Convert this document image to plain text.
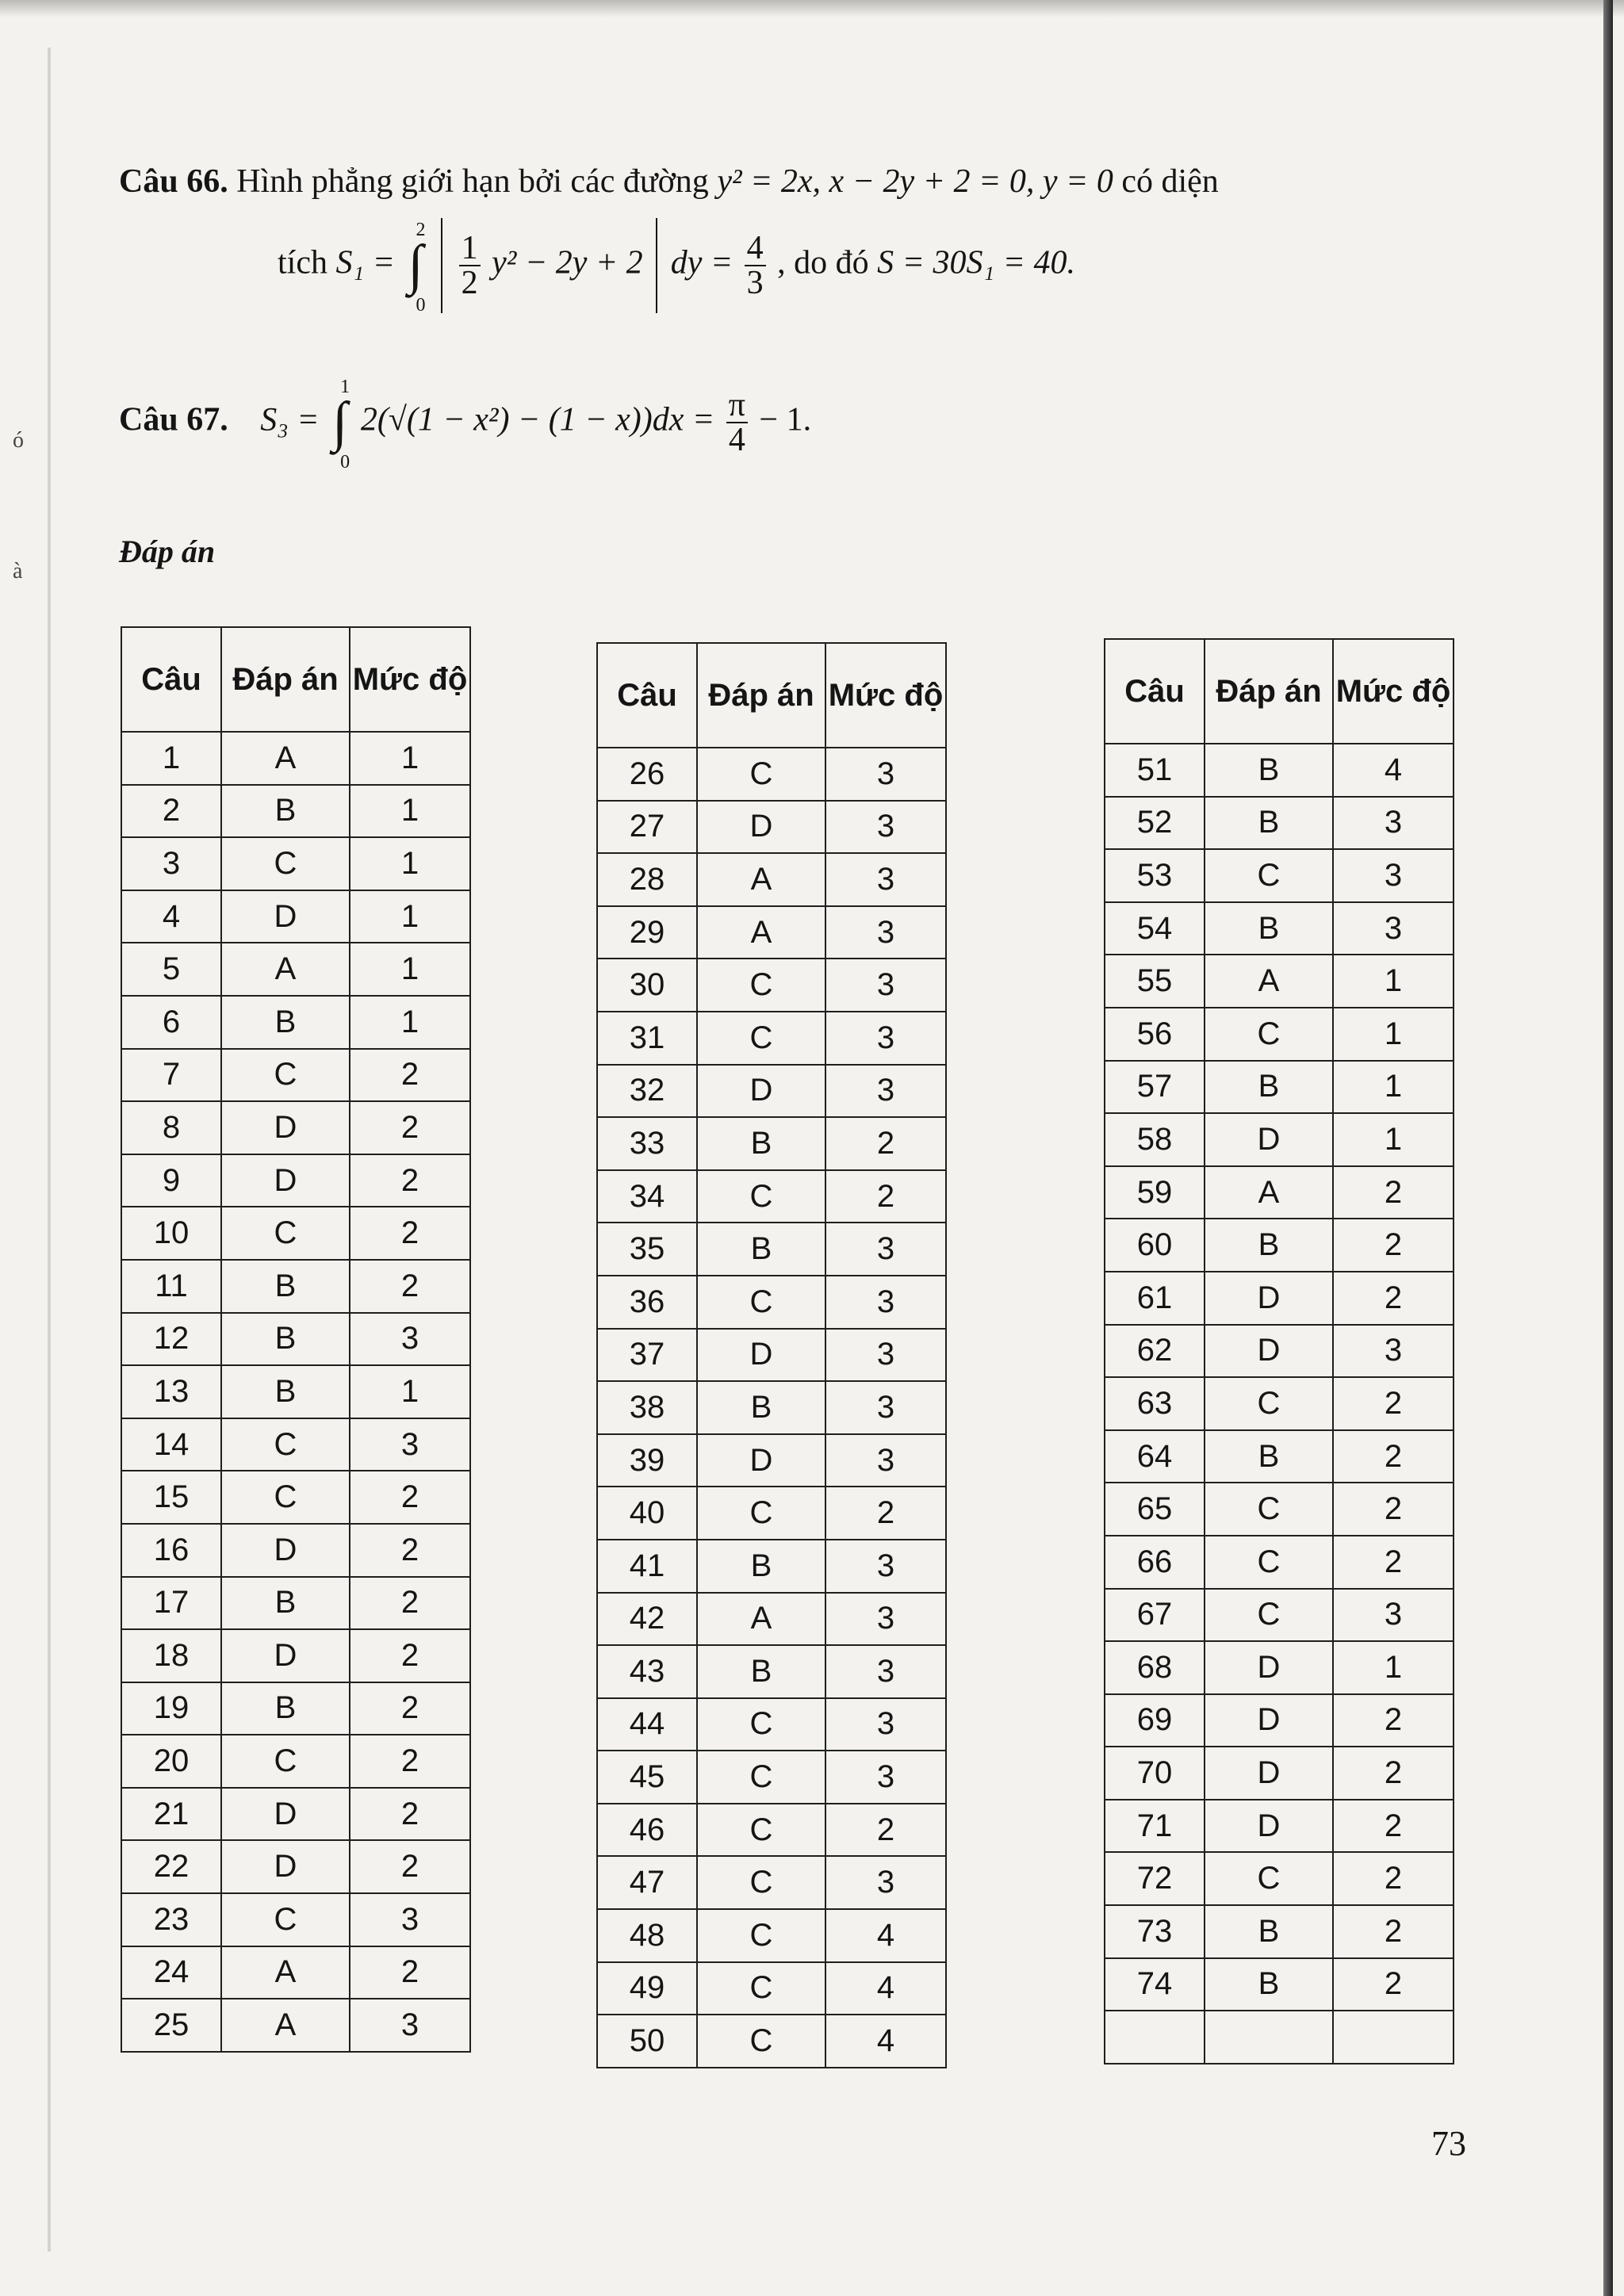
ó
à
Câu 66. Hình phẳng giới hạn bởi các đường y² = 2x, x − 2y + 2 = 0, y = 0 có diện
tích S₁ = ∫
2
0

$\frac{1}{2} y^2 - 2y + 2$ dy = $\frac{4}{3}$ , do đó S = 30S₁ = 40.
Câu 67. S₃ = ∫
1
0
$2(√(1 - x^2) - (1 - x))dx = \frac{\pi}{4} - 1$.
Đáp án
Câu	Đáp án	Mức độ
1	A	1
2	B	1
3	C	1
4	D	1
5	A	1
6	B	1
7	C	2
8	D	2
9	D	2
10	C	2
11	B	2
12	B	3
13	B	1
14	C	3
15	C	2
16	D	2
17	B	2
18	D	2
19	B	2
20	C	2
21	D	2
22	D	2
23	C	3
24	A	2
25	A	3
Câu	Đáp án	Mức độ
26	C	3
27	D	3
28	A	3
29	A	3
30	C	3
31	C	3
32	D	3
33	B	2
34	C	2
35	B	3
36	C	3
37	D	3
38	B	3
39	D	3
40	C	2
41	B	3
42	A	3
43	B	3
44	C	3
45	C	3
46	C	2
47	C	3
48	C	4
49	C	4
50	C	4
Câu	Đáp án	Mức độ
51	B	4
52	B	3
53	C	3
54	B	3
55	A	1
56	C	1
57	B	1
58	D	1
59	A	2
60	B	2
61	D	2
62	D	3
63	C	2
64	B	2
65	C	2
66	C	2
67	C	3
68	D	1
69	D	2
70	D	2
71	D	2
72	C	2
73	B	2
74	B	2

73
